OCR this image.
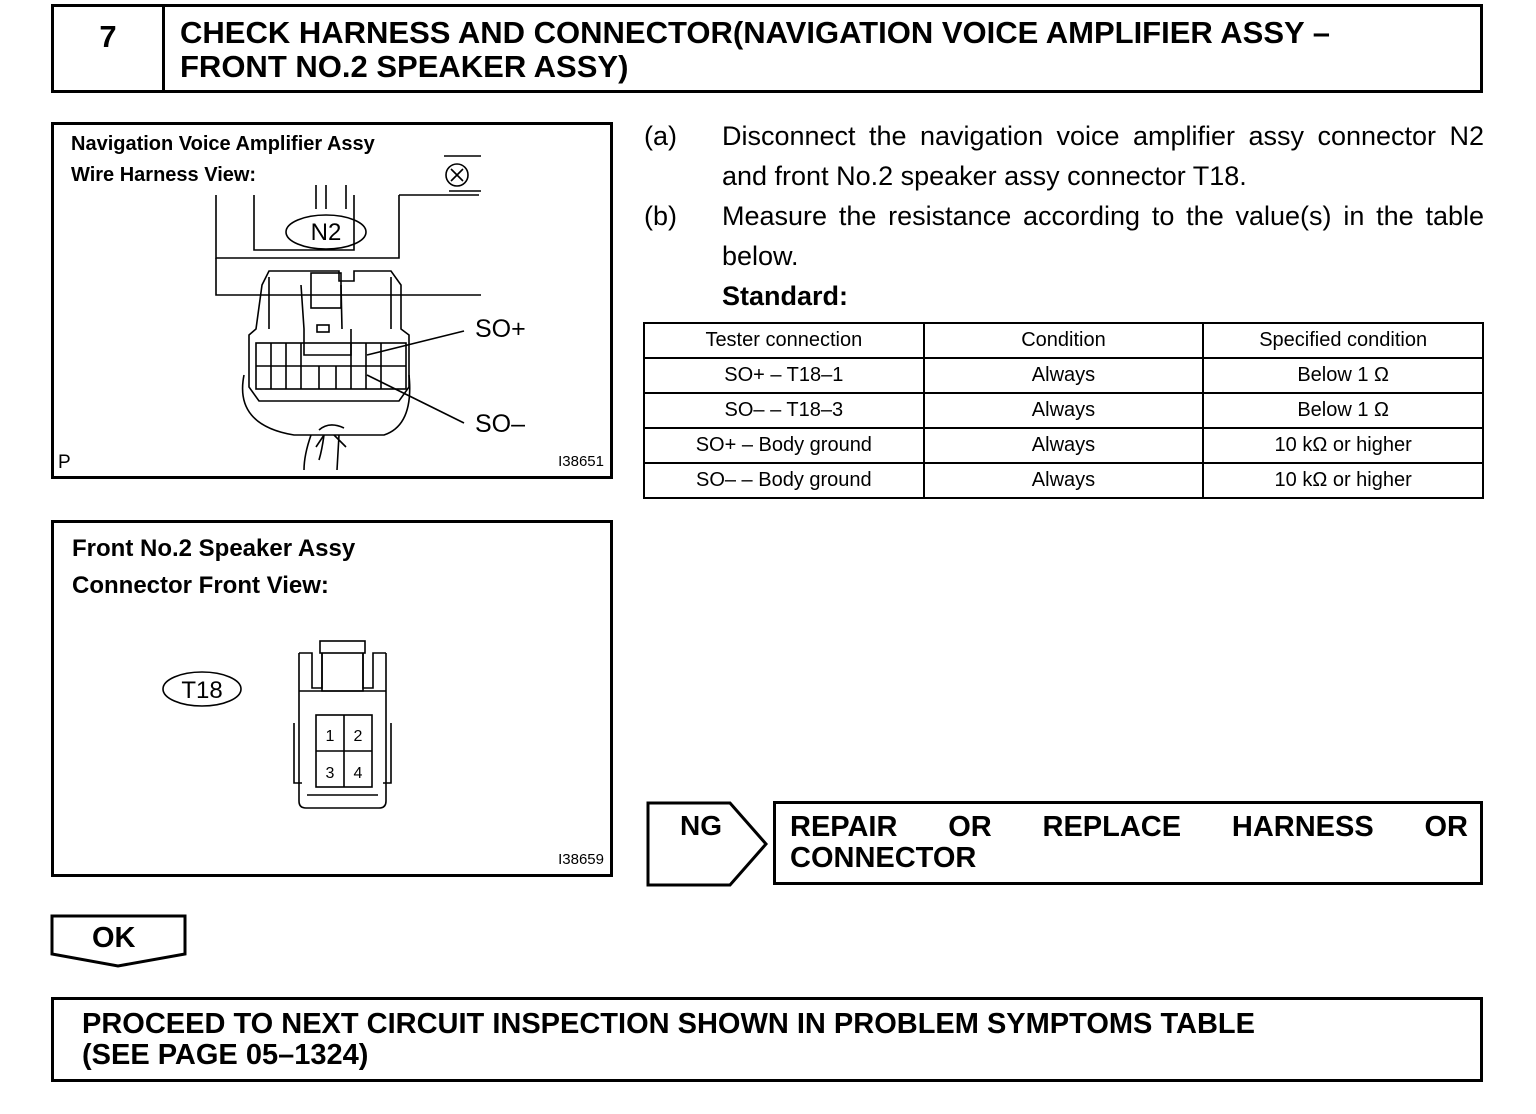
7	CHECK HARNESS AND CONNECTOR(NAVIGATION VOICE AMPLIFIER ASSY –
FRONT NO.2 SPEAKER ASSY)
N2
SO+
SO–
Navigation Voice Amplifier Assy
Wire Harness View:
P	I38651
T18
1 2
3 4
Front No.2 Speaker Assy
Connector Front View:
I38659
(a) Disconnect the navigation voice amplifier assy connector N2 and front No.2 speaker assy connector T18.
(b) Measure the resistance according to the value(s) in the table below.
Standard:
Tester connection	Condition	Specified condition
SO+ – T18–1	Always	Below 1 Ω
SO– – T18–3	Always	Below 1 Ω
SO+ – Body ground	Always	10 kΩ or higher
SO– – Body ground	Always	10 kΩ or higher
NG REPAIR OR REPLACE HARNESS OR
CONNECTOR
OK
PROCEED TO NEXT CIRCUIT INSPECTION SHOWN IN PROBLEM SYMPTOMS TABLE
(SEE PAGE 05–1324)
